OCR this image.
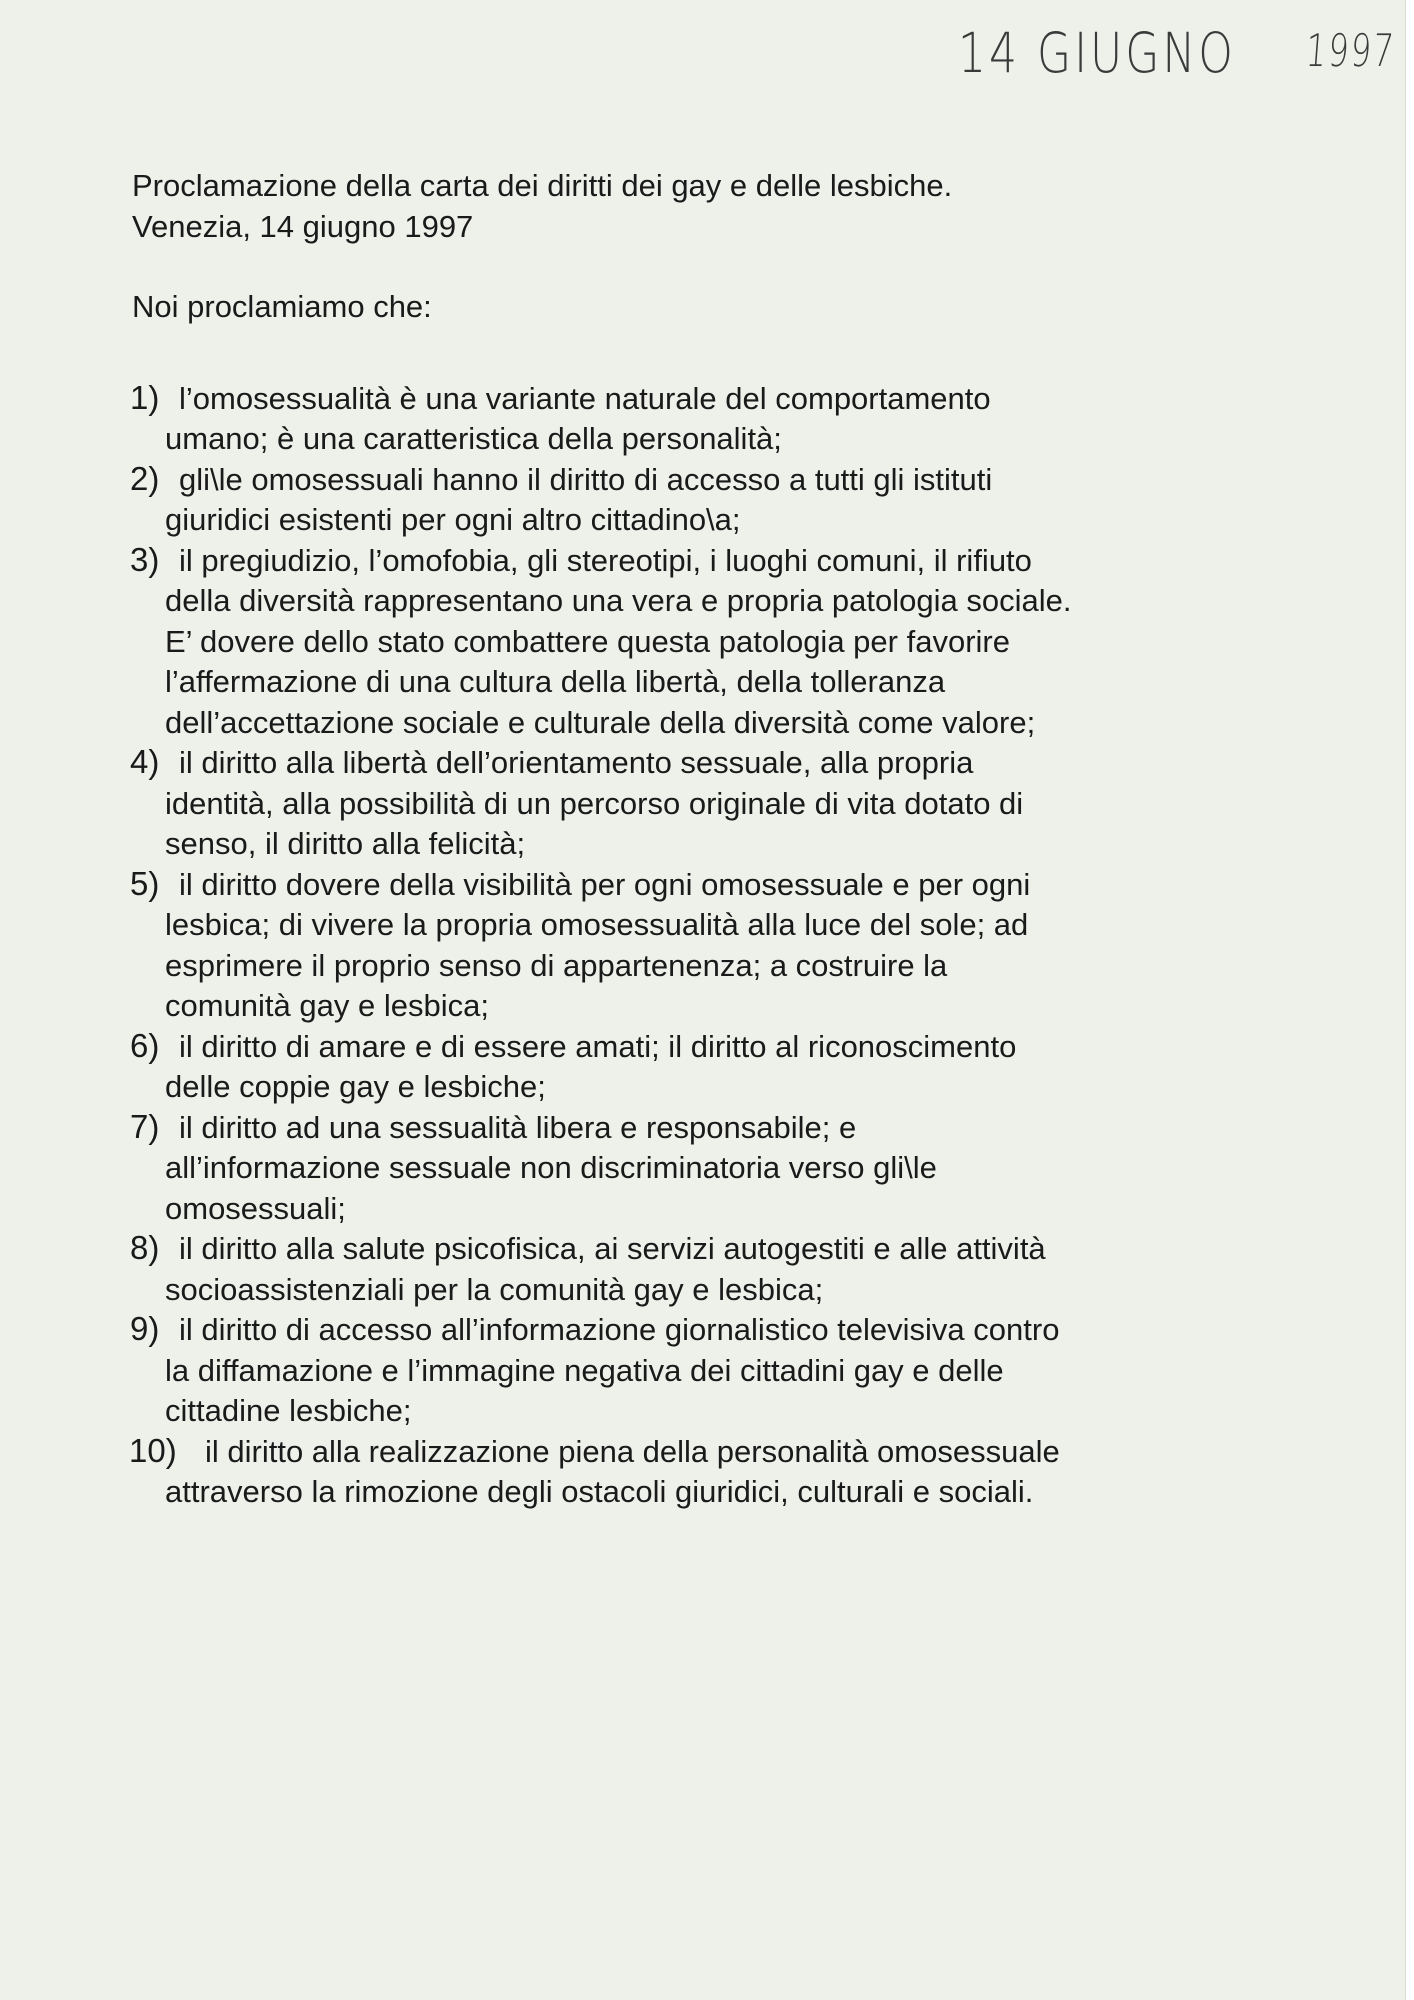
14 GIUGNO 1997

Proclamazione della carta dei diritti dei gay e delle lesbiche.

Venezia, 14 giugno 1997

Noi proclamiamo che:

1) l’omosessualità è una variante naturale del comportamento
umano; è una caratteristica della personalità;
2) gli\le omosessuali hanno il diritto di accesso a tutti gli istituti
giuridici esistenti per ogni altro cittadino\a;
3) il pregiudizio, l’omofobia, gli stereotipi, i luoghi comuni, il rifiuto
della diversità rappresentano una vera e propria patologia sociale.
E’ dovere dello stato combattere questa patologia per favorire
l’affermazione di una cultura della libertà, della tolleranza
dell’accettazione sociale e culturale della diversità come valore;
4) il diritto alla libertà dell’orientamento sessuale, alla propria
identità, alla possibilità di un percorso originale di vita dotato di
senso, il diritto alla felicità;
5) il diritto dovere della visibilità per ogni omosessuale e per ogni
lesbica; di vivere la propria omosessualità alla luce del sole; ad
esprimere il proprio senso di appartenenza; a costruire la
comunità gay e lesbica;
6) il diritto di amare e di essere amati; il diritto al riconoscimento
delle coppie gay e lesbiche;
7) il diritto ad una sessualità libera e responsabile; e
all’informazione sessuale non discriminatoria verso gli\le
omosessuali;
8) il diritto alla salute psicofisica, ai servizi autogestiti e alle attività
socioassistenziali per la comunità gay e lesbica;
9) il diritto di accesso all’informazione giornalistico televisiva contro
la diffamazione e l’immagine negativa dei cittadini gay e delle
cittadine lesbiche;
10) il diritto alla realizzazione piena della personalità omosessuale
attraverso la rimozione degli ostacoli giuridici, culturali e sociali.
